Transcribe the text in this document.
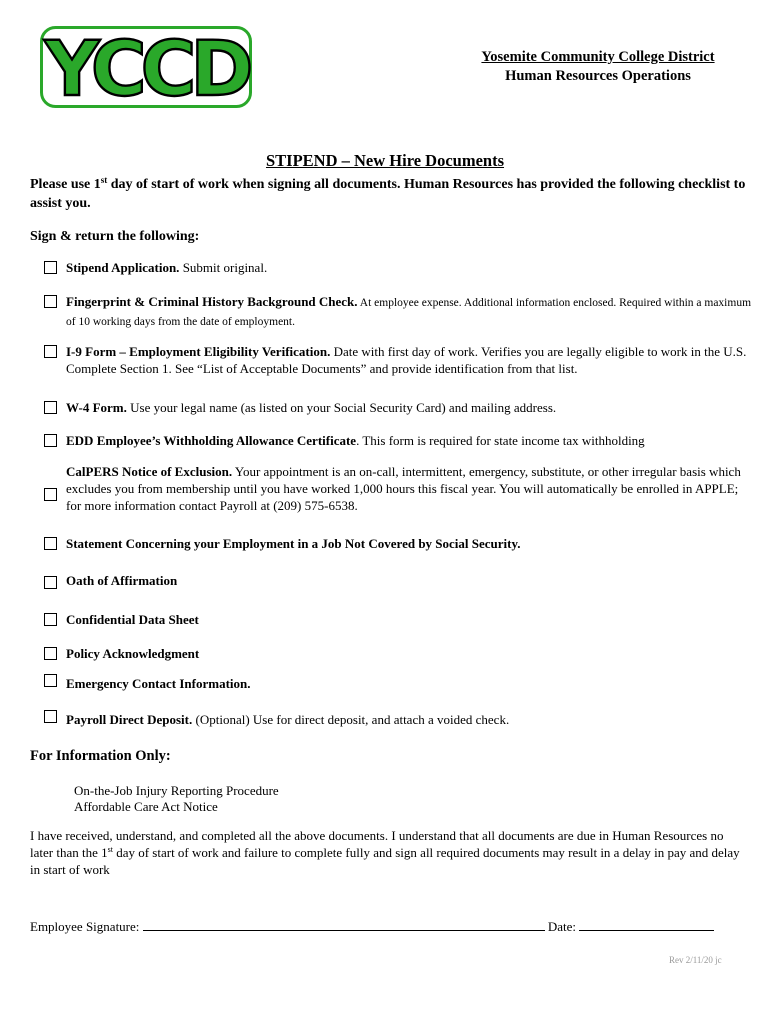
YCCD	Yosemite Community College District
Human Resources Operations
STIPEND – New Hire Documents
Please use 1st day of start of work when signing all documents. Human Resources has provided the following checklist to assist you.
Sign & return the following:
Stipend Application. Submit original.
Fingerprint & Criminal History Background Check. At employee expense. Additional information enclosed. Required within a maximum of 10 working days from the date of employment.
I-9 Form – Employment Eligibility Verification. Date with first day of work. Verifies you are legally eligible to work in the U.S. Complete Section 1. See “List of Acceptable Documents” and provide identification from that list.
W-4 Form. Use your legal name (as listed on your Social Security Card) and mailing address.
EDD Employee’s Withholding Allowance Certificate. This form is required for state income tax withholding
CalPERS Notice of Exclusion. Your appointment is an on-call, intermittent, emergency, substitute, or other irregular basis which excludes you from membership until you have worked 1,000 hours this fiscal year. You will automatically be enrolled in APPLE; for more information contact Payroll at (209) 575-6538.
Statement Concerning your Employment in a Job Not Covered by Social Security.
Oath of Affirmation
Confidential Data Sheet
Policy Acknowledgment
Emergency Contact Information.
Payroll Direct Deposit. (Optional) Use for direct deposit, and attach a voided check.
For Information Only:
On-the-Job Injury Reporting Procedure
Affordable Care Act Notice
I have received, understand, and completed all the above documents. I understand that all documents are due in Human Resources no later than the 1st day of start of work and failure to complete fully and sign all required documents may result in a delay in pay and delay in start of work
Employee Signature:	Date:
Rev 2/11/20 jc
